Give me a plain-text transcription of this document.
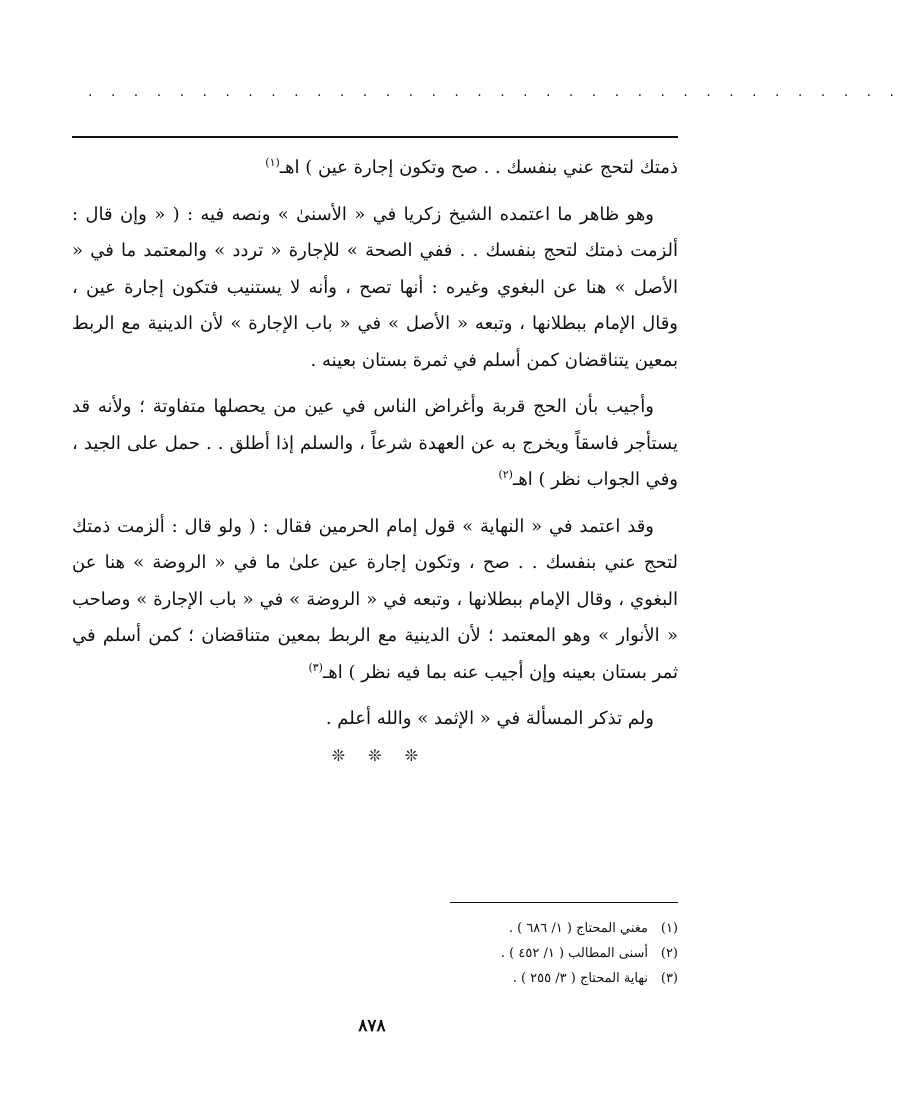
. . . . . . . . . . . . . . . . . . . . . . . . . . . . . . . . . . . .

ذمتك لتحج عني بنفسك . . صح وتكون إجارة عين ) اهـ$^{(١)}$

وهو ظاهر ما اعتمده الشيخ زكريا في « الأسنىٰ » ونصه فيه : ( « وإن قال : ألزمت ذمتك لتحج بنفسك . . ففي الصحة » للإجارة « تردد » والمعتمد ما في « الأصل » هنا عن البغوي وغيره : أنها تصح ، وأنه لا يستنيب فتكون إجارة عين ، وقال الإمام ببطلانها ، وتبعه « الأصل » في « باب الإجارة » لأن الدينية مع الربط بمعين يتناقضان كمن أسلم في ثمرة بستان بعينه .

وأجيب بأن الحج قربة وأغراض الناس في عين من يحصلها متفاوتة ؛ ولأنه قد يستأجر فاسقاً ويخرج به عن العهدة شرعاً ، والسلم إذا أطلق . . حمل على الجيد ، وفي الجواب نظر ) اهـ$^{(٢)}$

وقد اعتمد في « النهاية » قول إمام الحرمين فقال : ( ولو قال : ألزمت ذمتك لتحج عني بنفسك . . صح ، وتكون إجارة عين علىٰ ما في « الروضة » هنا عن البغوي ، وقال الإمام ببطلانها ، وتبعه في « الروضة » في « باب الإجارة » وصاحب « الأنوار » وهو المعتمد ؛ لأن الدينية مع الربط بمعين متناقضان ؛ كمن أسلم في ثمر بستان بعينه وإن أجيب عنه بما فيه نظر ) اهـ$^{(٣)}$

ولم تذكر المسألة في « الإثمد » والله أعلم .

❊ ❊ ❊
(١)مغني المحتاج ( ١/ ٦٨٦ ) .
(٢)أسنى المطالب ( ١/ ٤٥٢ ) .
(٣)نهاية المحتاج ( ٣/ ٢٥٥ ) .
٨٧٨
